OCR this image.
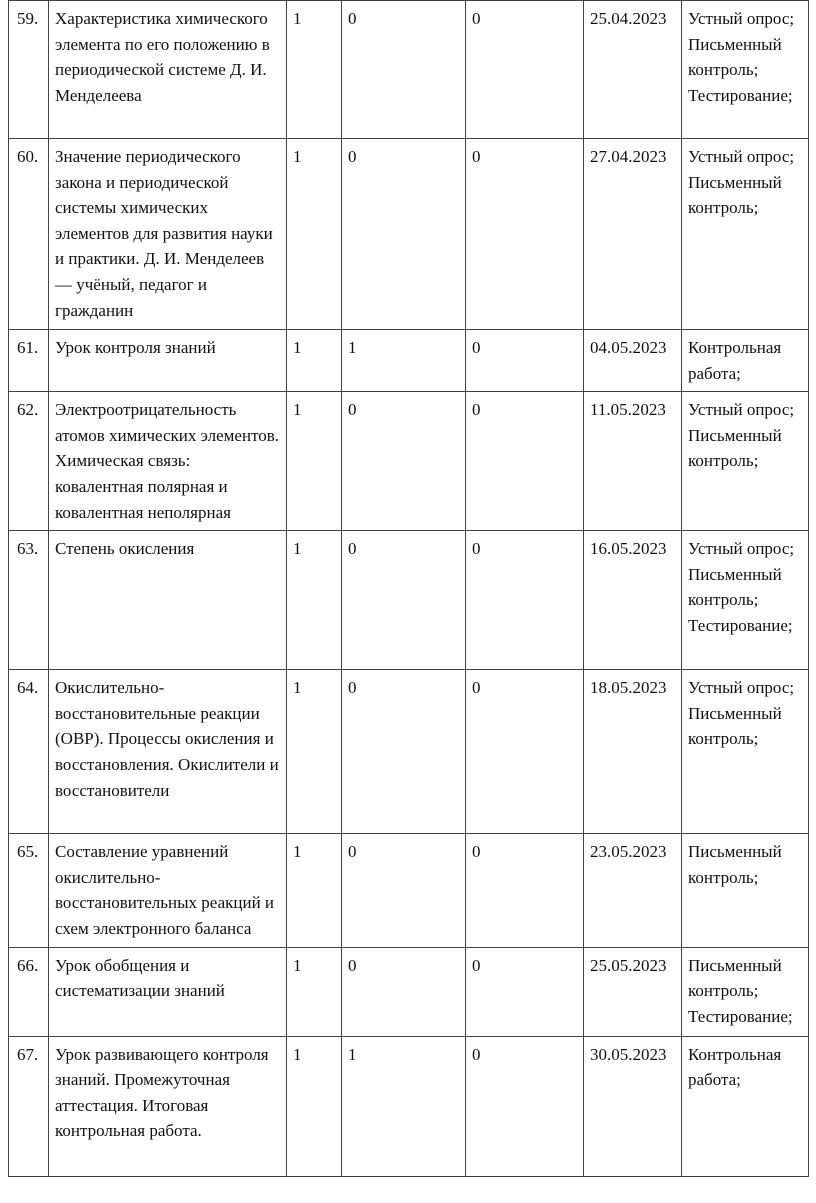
59.	Характеристика химического элемента по его положению в периодической системе Д. И. Менделеева	1	0	0	25.04.2023	Устный опрос; Письменный контроль; Тестирование;
60.	Значение периодического закона и периодической системы химических элементов для развития науки и практики. Д. И. Менделеев — учёный, педагог и гражданин	1	0	0	27.04.2023	Устный опрос; Письменный контроль;
61.	Урок контроля знаний	1	1	0	04.05.2023	Контрольная работа;
62.	Электроотрицательность атомов химических элементов. Химическая связь: ковалентная полярная и ковалентная неполярная	1	0	0	11.05.2023	Устный опрос; Письменный контроль;
63.	Степень окисления	1	0	0	16.05.2023	Устный опрос; Письменный контроль; Тестирование;
64.	Окислительно-восстановительные реакции (ОВР). Процессы окисления и восстановления. Окислители и восстановители	1	0	0	18.05.2023	Устный опрос; Письменный контроль;
65.	Составление уравнений окислительно-восстановительных реакций и схем электронного баланса	1	0	0	23.05.2023	Письменный контроль;
66.	Урок обобщения и систематизации знаний	1	0	0	25.05.2023	Письменный контроль; Тестирование;
67.	Урок развивающего контроля знаний. Промежуточная аттестация. Итоговая контрольная работа.	1	1	0	30.05.2023	Контрольная работа;
